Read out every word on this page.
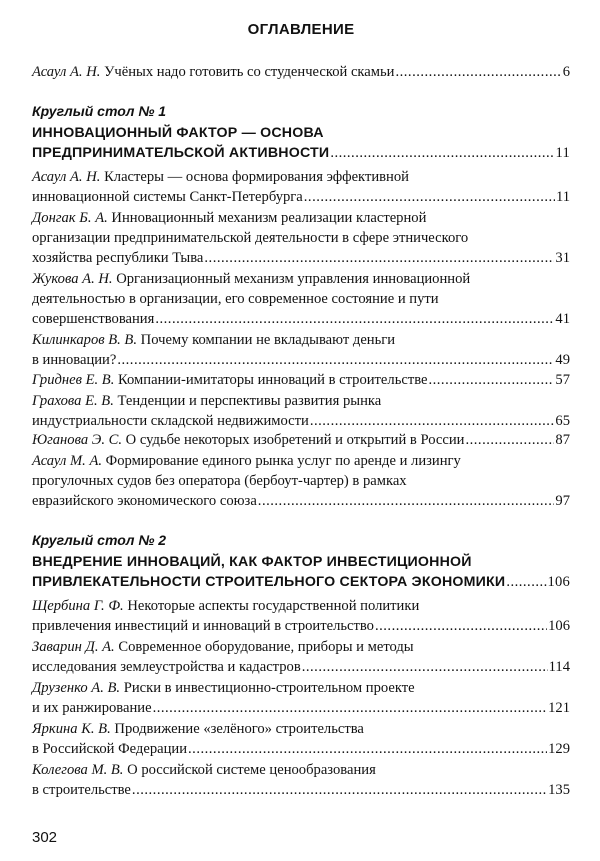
ОГЛАВЛЕНИЕ
Асаул А. Н. Учёных надо готовить со студенческой скамьи .....	6
Круглый стол № 1
ИННОВАЦИОННЫЙ ФАКТОР — ОСНОВА
ПРЕДПРИНИМАТЕЛЬСКОЙ АКТИВНОСТИ .....	11
Асаул А. Н. Кластеры — основа формирования эффективной
инновационной системы Санкт-Петербурга .....	11
Донгак Б. А. Инновационный механизм реализации кластерной
организации предпринимательской деятельности в сфере этнического
хозяйства республики Тыва .....	31
Жукова А. Н. Организационный механизм управления инновационной
деятельностью в организации, его современное состояние и пути
совершенствования .....	41
Килинкаров В. В. Почему компании не вкладывают деньги
в инновации? .....	49
Гриднев Е. В. Компании-имитаторы инноваций в строительстве .....	57
Грахова Е. В. Тенденции и перспективы развития рынка
индустриальности складской недвижимости .....	65
Юганова Э. С. О судьбе некоторых изобретений и открытий в России .....	87
Асаул М. А. Формирование единого рынка услуг по аренде и лизингу
прогулочных судов без оператора (бербоут-чартер) в рамках
евразийского экономического союза .....	97
Круглый стол № 2
ВНЕДРЕНИЕ ИННОВАЦИЙ, КАК ФАКТОР ИНВЕСТИЦИОННОЙ
ПРИВЛЕКАТЕЛЬНОСТИ СТРОИТЕЛЬНОГО СЕКТОРА ЭКОНОМИКИ .....	106
Щербина Г. Ф. Некоторые аспекты государственной политики
привлечения инвестиций и инноваций в строительство .....	106
Заварин Д. А. Современное оборудование, приборы и методы
исследования землеустройства и кадастров .....	114
Друзенко А. В. Риски в инвестиционно-строительном проекте
и их ранжирование .....	121
Яркина К. В. Продвижение «зелёного» строительства
в Российской Федерации .....	129
Колегова М. В. О российской системе ценообразования
в строительстве .....	135
302
